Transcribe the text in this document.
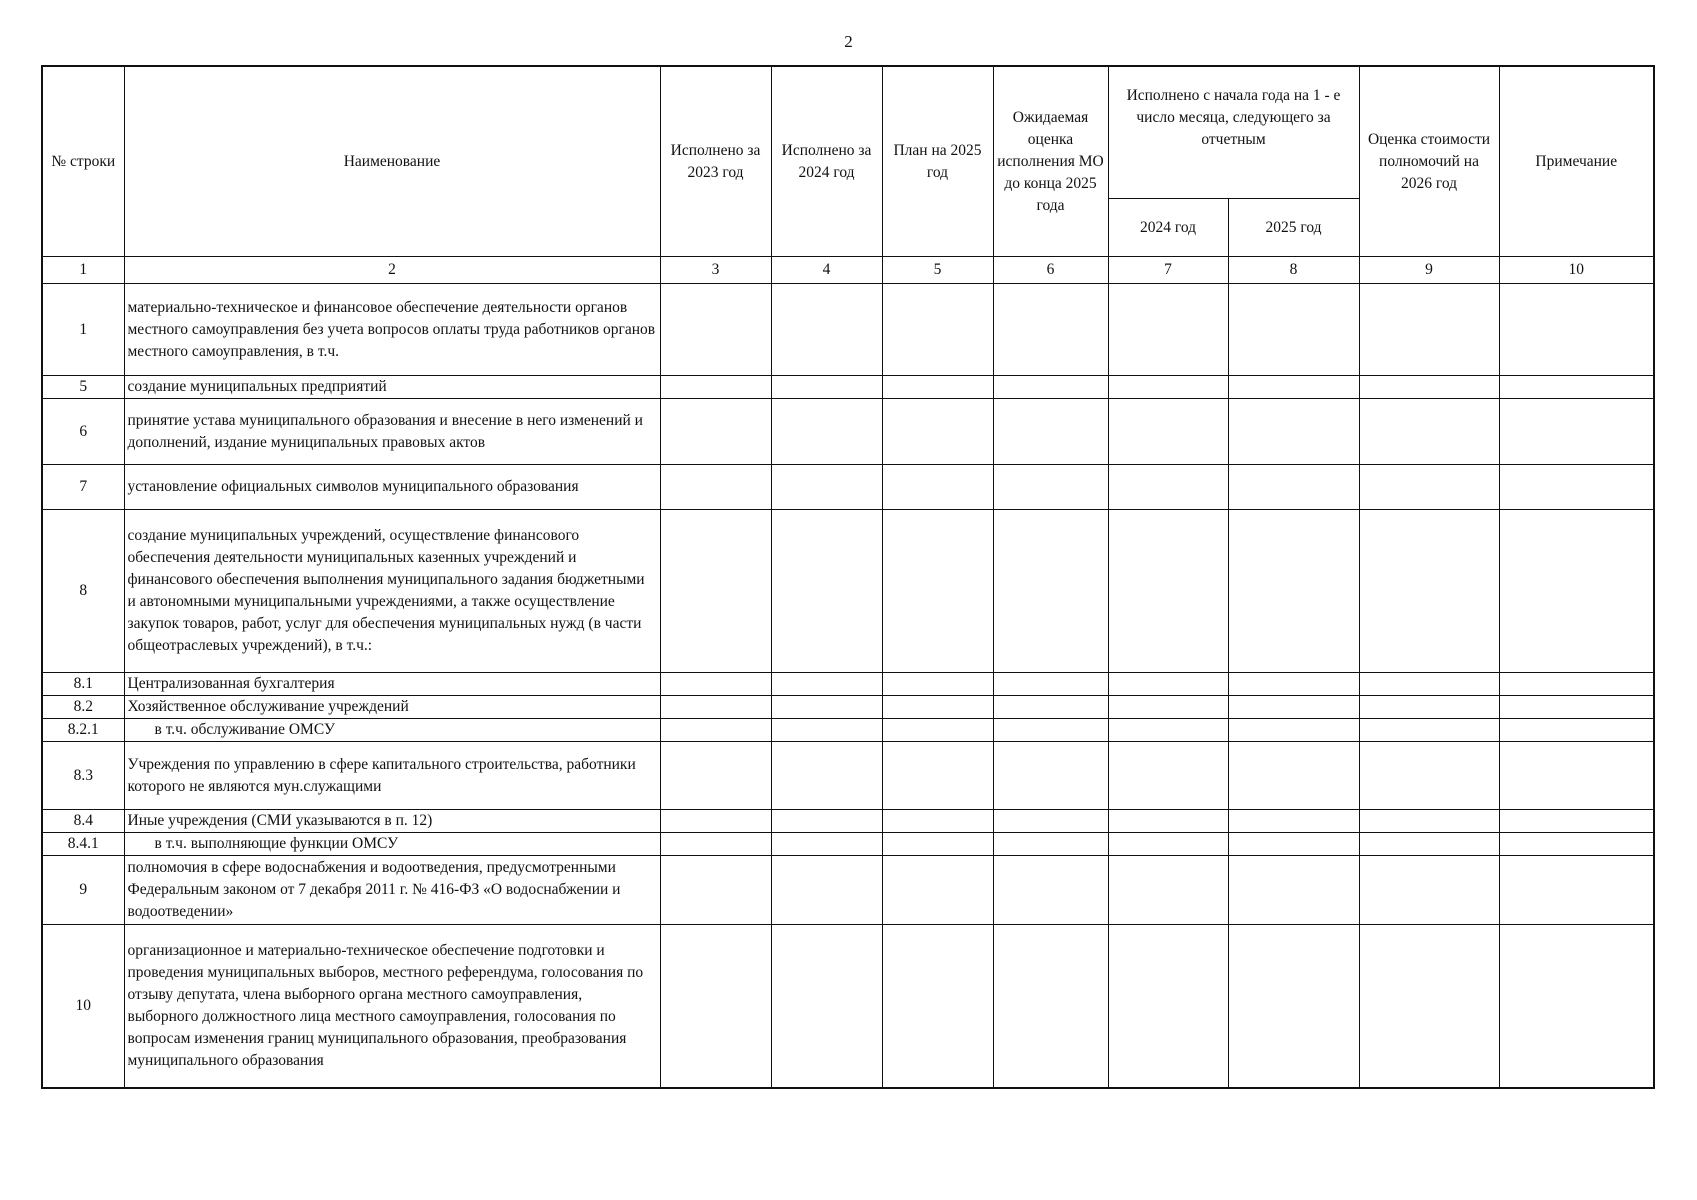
2
№ строки	Наименование	Исполнено за 2023 год	Исполнено за 2024 год	План на 2025 год	Ожидаемая оценка исполнения МО до конца 2025 года	Исполнено с начала года на 1 - е число месяца, следующего за отчетным		Оценка стоимости полномочий на 2026 год	Примечание
						2024 год	2025 год		
1	2	3	4	5	6	7	8	9	10
1	материально-техническое и финансовое обеспечение деятельности органов местного самоуправления без учета вопросов оплаты труда работников органов местного самоуправления, в т.ч.								
5	создание муниципальных предприятий								
6	принятие устава муниципального образования и внесение в него изменений и дополнений, издание муниципальных правовых актов								
7	установление официальных символов муниципального образования								
8	создание муниципальных учреждений, осуществление финансового обеспечения деятельности муниципальных казенных учреждений и финансового обеспечения выполнения муниципального задания бюджетными и автономными муниципальными учреждениями, а также осуществление закупок товаров, работ, услуг для обеспечения муниципальных нужд (в части общеотраслевых учреждений), в т.ч.:								
8.1	Централизованная бухгалтерия								
8.2	Хозяйственное обслуживание учреждений								
8.2.1	в т.ч. обслуживание ОМСУ								
8.3	Учреждения по управлению в сфере капитального строительства, работники которого не являются мун.служащими								
8.4	Иные учреждения (СМИ указываются в п. 12)								
8.4.1	в т.ч. выполняющие функции ОМСУ								
9	полномочия в сфере водоснабжения и водоотведения, предусмотренными Федеральным законом от 7 декабря 2011 г. № 416-ФЗ «О водоснабжении и водоотведении»								
10	организационное и материально-техническое обеспечение подготовки и проведения муниципальных выборов, местного референдума, голосования по отзыву депутата, члена выборного органа местного самоуправления, выборного должностного лица местного самоуправления, голосования по вопросам изменения границ муниципального образования, преобразования муниципального образования								
